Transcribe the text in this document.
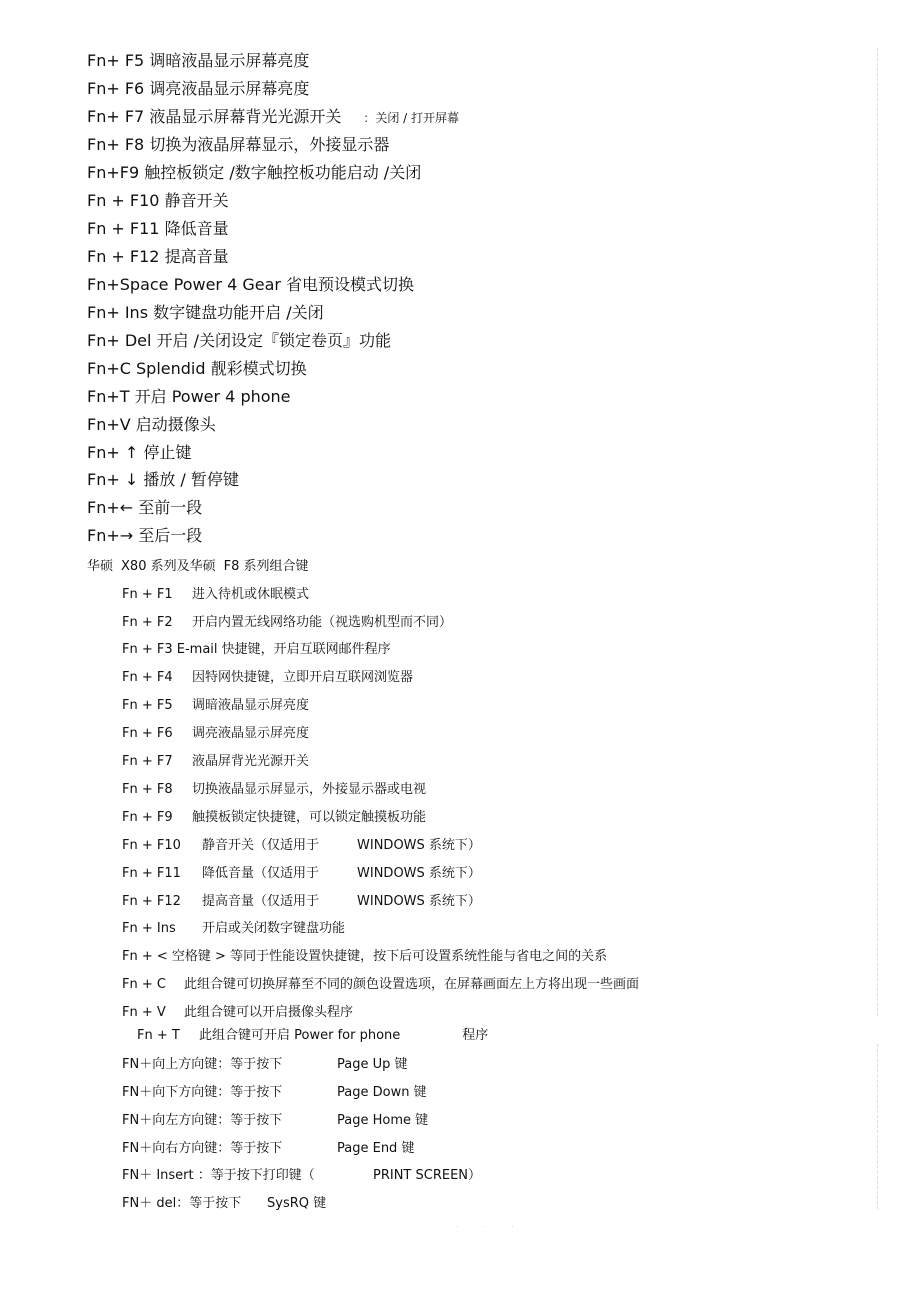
Fn+ F5 调暗液晶显示屏幕亮度
Fn+ F6 调亮液晶显示屏幕亮度
Fn+ F7 液晶显示屏幕背光光源开关 ：关闭 / 打开屏幕
Fn+ F8 切换为液晶屏幕显示，外接显示器
Fn+F9 触控板锁定 /数字触控板功能启动 /关闭
Fn + F10 静音开关
Fn + F11 降低音量
Fn + F12 提高音量
Fn+Space Power 4 Gear 省电预设模式切换
Fn+ Ins 数字键盘功能开启 /关闭
Fn+ Del 开启 /关闭设定『锁定卷页』功能
Fn+C Splendid 靓彩模式切换
Fn+T 开启 Power 4 phone
Fn+V 启动摄像头
Fn+ ↑ 停止键
Fn+ ↓ 播放 / 暂停键
Fn+← 至前一段
Fn+→ 至后一段
华硕 X80 系列及华硕 F8 系列组合键
Fn + F1 进入待机或休眠模式
Fn + F2 开启内置无线网络功能（视选购机型而不同）
Fn + F3 E-mail 快捷键，开启互联网邮件程序
Fn + F4 因特网快捷键，立即开启互联网浏览器
Fn + F5 调暗液晶显示屏亮度
Fn + F6 调亮液晶显示屏亮度
Fn + F7 液晶屏背光光源开关
Fn + F8 切换液晶显示屏显示，外接显示器或电视
Fn + F9 触摸板锁定快捷键，可以锁定触摸板功能
Fn + F10 静音开关（仅适用于	WINDOWS 系统下）
Fn + F11 降低音量（仅适用于	WINDOWS 系统下）
Fn + F12 提高音量（仅适用于	WINDOWS 系统下）
Fn + Ins 开启或关闭数字键盘功能
Fn + < 空格键 > 等同于性能设置快捷键，按下后可设置系统性能与省电之间的关系
Fn + C 此组合键可切换屏幕至不同的颜色设置选项，在屏幕画面左上方将出现一些画面
Fn + V 此组合键可以开启摄像头程序
Fn + T 此组合键可开启 Power for phone	程序
FN＋向上方向键：等于按下	Page Up 键
FN＋向下方向键：等于按下	Page Down 键
FN＋向左方向键：等于按下	Page Home 键
FN＋向右方向键：等于按下	Page End 键
FN＋ Insert ：等于按下打印键（	PRINT SCREEN）
FN＋ del：等于按下 SysRQ 键
· · ·
